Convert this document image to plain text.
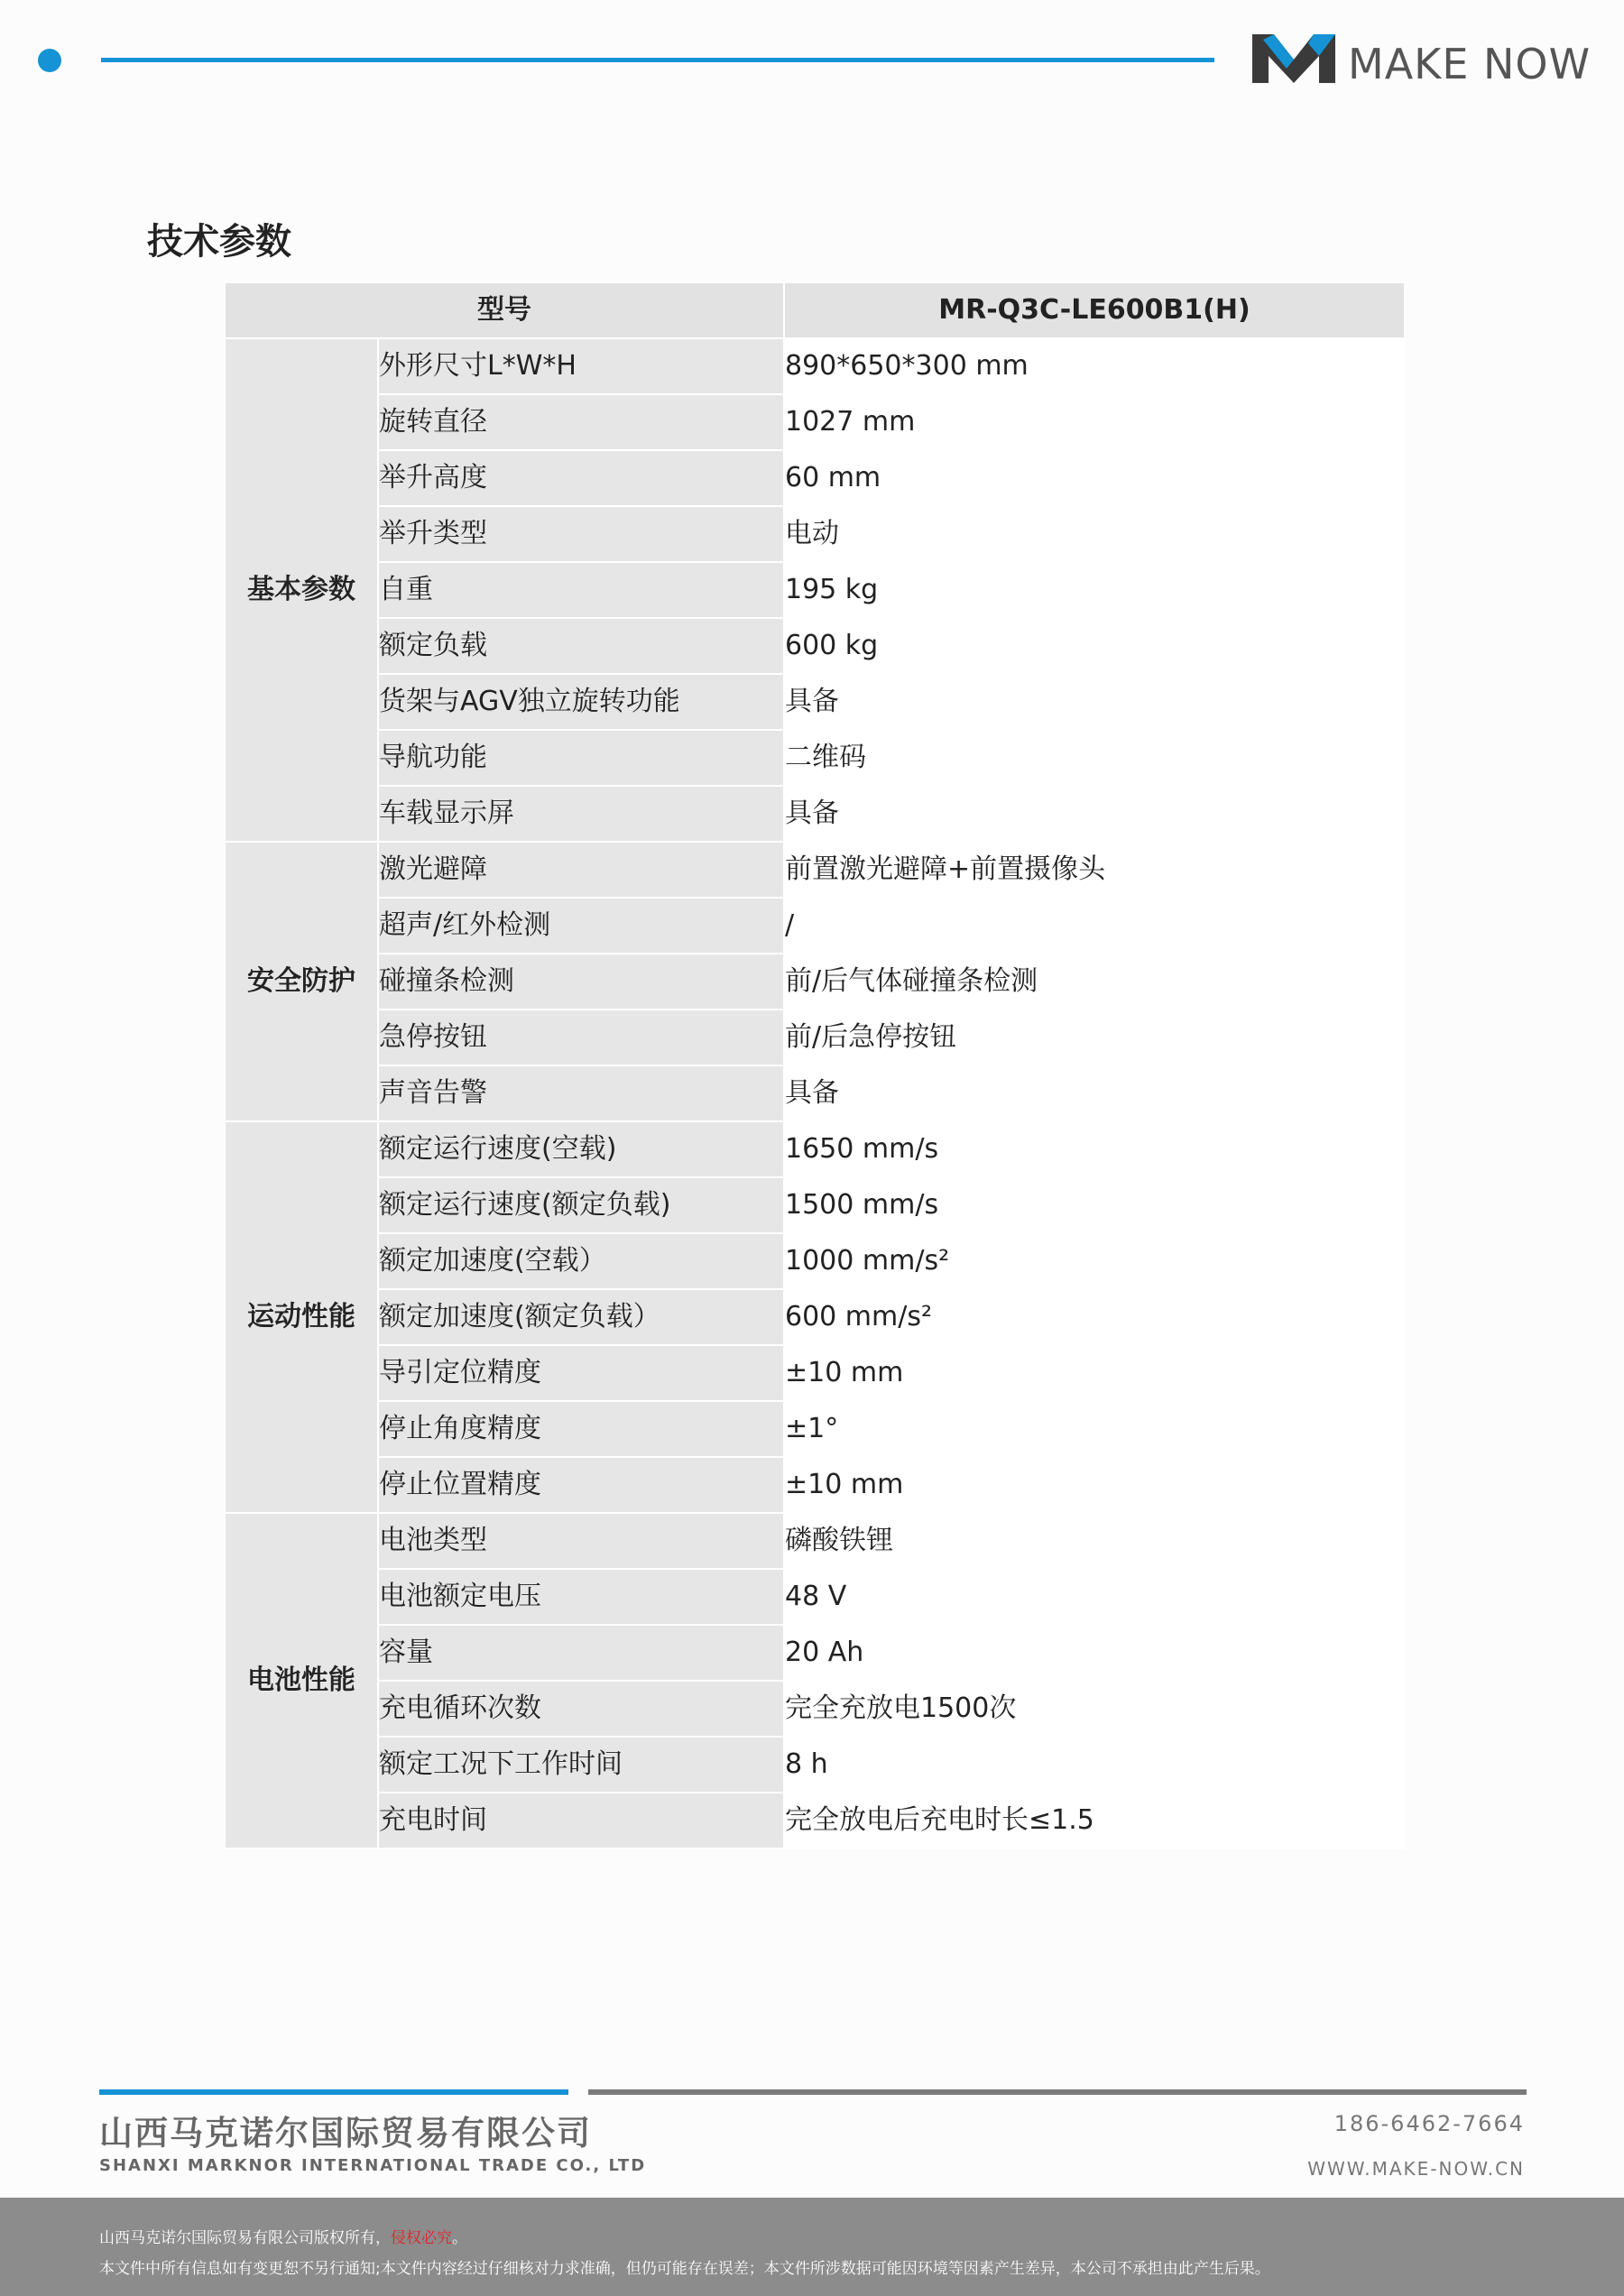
MAKE NOW
技术参数
型号		MR-Q3C-LE600B1(H)
基本参数	外形尺寸L*W*H	890*650*300 mm
	旋转直径	1027 mm
	举升高度	60 mm
	举升类型	电动
	自重	195 kg
	额定负载	600 kg
	货架与AGV独立旋转功能	具备
	导航功能	二维码
	车载显示屏	具备
安全防护	激光避障	前置激光避障+前置摄像头
	超声/红外检测	/
	碰撞条检测	前/后气体碰撞条检测
	急停按钮	前/后急停按钮
	声音告警	具备
运动性能	额定运行速度(空载)	1650 mm/s
	额定运行速度(额定负载)	1500 mm/s
	额定加速度(空载）	1000 mm/s²
	额定加速度(额定负载）	600 mm/s²
	导引定位精度	±10 mm
	停止角度精度	±1°
	停止位置精度	±10 mm
电池性能	电池类型	磷酸铁锂
	电池额定电压	48 V
	容量	20 Ah
	充电循环次数	完全充放电1500次
	额定工况下工作时间	8 h
	充电时间	完全放电后充电时长≤1.5
山西马克诺尔国际贸易有限公司
SHANXI MARKNOR INTERNATIONAL TRADE CO., LTD
186-6462-7664
WWW.MAKE-NOW.CN
山西马克诺尔国际贸易有限公司版权所有，侵权必究。
本文件中所有信息如有变更恕不另行通知;本文件内容经过仔细核对力求准确，但仍可能存在误差；本文件所涉数据可能因环境等因素产生差异，本公司不承担由此产生后果。
